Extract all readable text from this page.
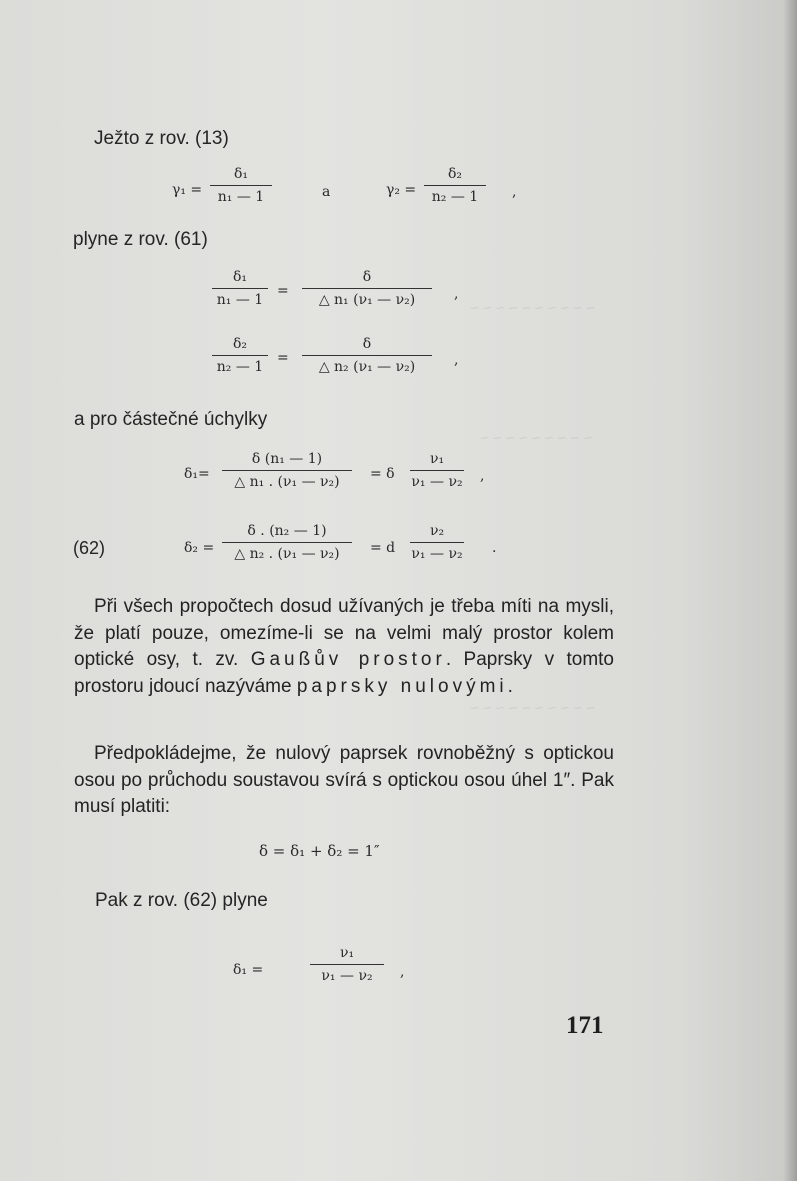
~ ~ ~ ~ ~ ~ ~ ~ ~ ~
~ ~ ~ ~ ~ ~ ~ ~ ~
~ ~ ~ ~ ~ ~ ~ ~ ~ ~
Ježto z rov. (13)
γ₁ =
δ₁
n₁ — 1	a	γ₂ =
δ₂
n₂ — 1	,
plyne z rov. (61)
δ₁
n₁ — 1
=
δ
△ n₁ (ν₁ — ν₂)	,
δ₂
n₂ — 1
=
δ
△ n₂ (ν₁ — ν₂)	,
a pro částečné úchylky
δ₁=
δ (n₁ — 1)
△ n₁ . (ν₁ — ν₂)	= δ
ν₁
ν₁ — ν₂ ,
(62)	δ₂ =
δ . (n₂ — 1)
△ n₂ . (ν₁ — ν₂)	= d
ν₂
ν₁ — ν₂ .
Při všech propočtech dosud užívaných je třeba míti na mysli, že platí pouze, omezíme-li se na velmi malý prostor kolem optické osy, t. zv. Gaußův prostor. Paprsky v tomto prostoru jdoucí nazýváme paprsky nulovými.
Předpokládejme, že nulový paprsek rovnoběžný s optickou osou po průchodu soustavou svírá s optickou osou úhel 1″. Pak musí platiti:
δ = δ₁ + δ₂ = 1″
Pak z rov. (62) plyne
δ₁ =
ν₁
ν₁ — ν₂	,
171
